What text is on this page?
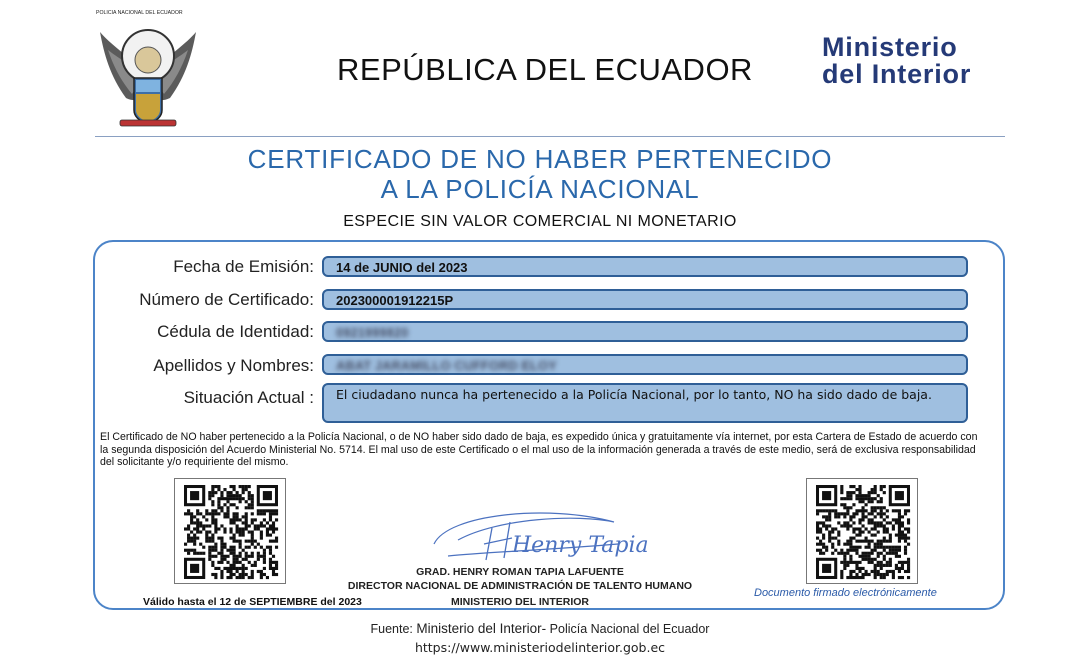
POLICIA NACIONAL DEL ECUADOR
REPÚBLICA DEL ECUADOR
Ministerio
del Interior
CERTIFICADO DE NO HABER PERTENECIDO
A LA POLICÍA NACIONAL
ESPECIE SIN VALOR COMERCIAL NI MONETARIO
Fecha de Emisión:	14 de JUNIO del 2023
Número de Certificado:	202300001912215P
Cédula de Identidad:	0921999820
Apellidos y Nombres:	ABAT JARAMILLO CUFFORD ELOY
Situación Actual :	El ciudadano nunca ha pertenecido a la Policía Nacional, por lo tanto, NO ha sido dado de baja.
El Certificado de NO haber pertenecido a la Policía Nacional, o de NO haber sido dado de baja, es expedido única y gratuitamente vía internet, por esta Cartera de Estado de acuerdo con la segunda disposición del Acuerdo Ministerial No. 5714. El mal uso de este Certificado o el mal uso de la información generada a través de este medio, será de exclusiva responsabilidad del solicitante y/o requiriente del mismo.
Henry Tapia
GRAD. HENRY ROMAN TAPIA LAFUENTE
DIRECTOR NACIONAL DE ADMINISTRACIÓN DE TALENTO HUMANO
MINISTERIO DEL INTERIOR
Válido hasta el 12 de SEPTIEMBRE del 2023
Documento firmado electrónicamente
Fuente: Ministerio del Interior- Policía Nacional del Ecuador
https://www.ministeriodelinterior.gob.ec
